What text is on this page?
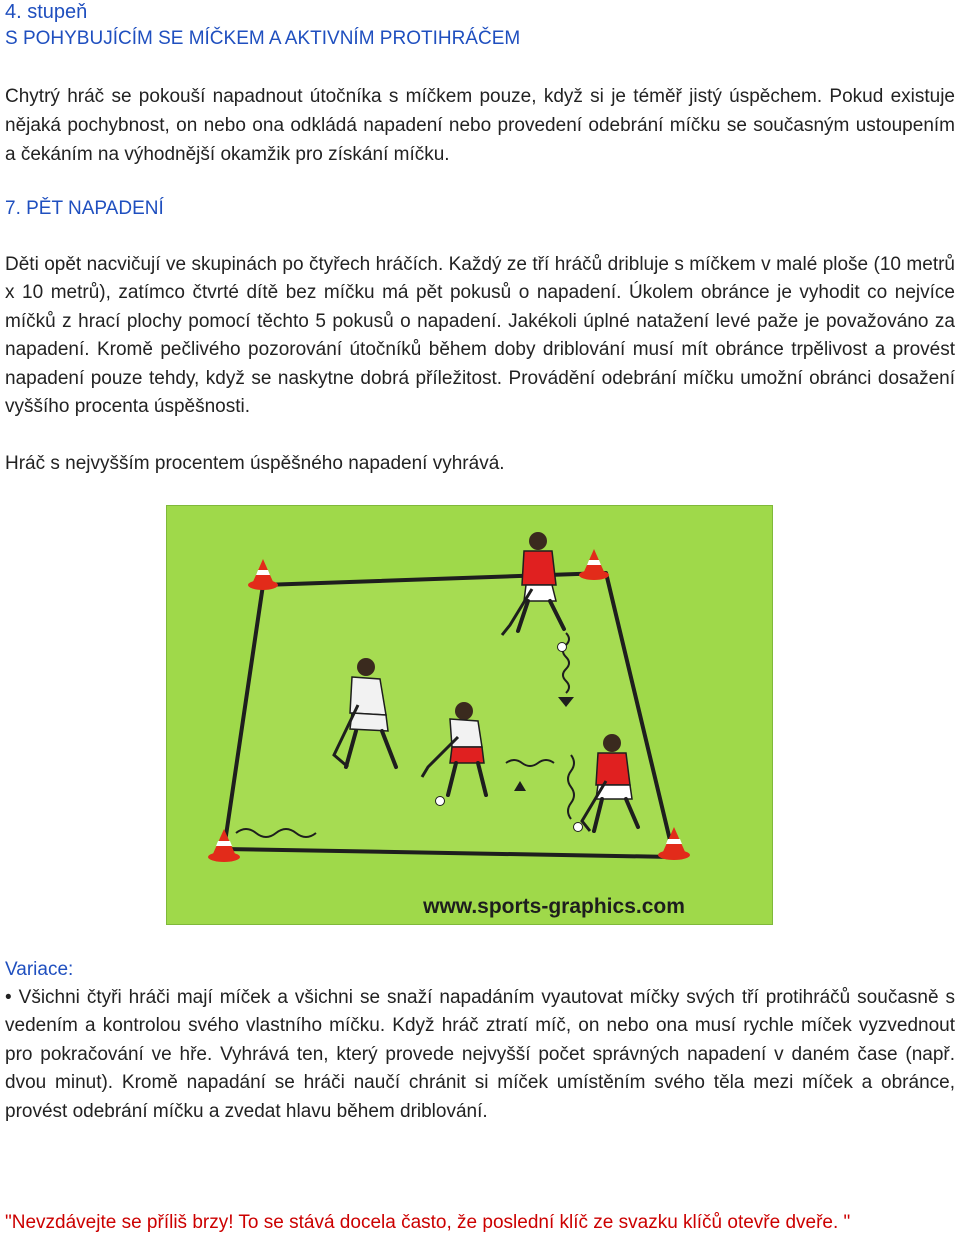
4. stupeň
S POHYBUJÍCÍM SE MÍČKEM A AKTIVNÍM PROTIHRÁČEM
Chytrý hráč se pokouší napadnout útočníka s míčkem pouze, když si je téměř jistý úspěchem. Pokud existuje nějaká pochybnost, on nebo ona odkládá napadení nebo provedení odebrání míčku se současným ustoupením a čekáním na výhodnější okamžik pro získání míčku.
7. PĚT NAPADENÍ
Děti opět nacvičují ve skupinách po čtyřech hráčích. Každý ze tří hráčů dribluje s míčkem v malé ploše (10 metrů x 10 metrů), zatímco čtvrté dítě bez míčku má pět pokusů o napadení. Úkolem obránce je vyhodit co nejvíce míčků z hrací plochy pomocí těchto 5 pokusů o napadení. Jakékoli úplné natažení levé paže je považováno za napadení. Kromě pečlivého pozorování útočníků během doby driblování musí mít obránce trpělivost a provést napadení pouze tehdy, když se naskytne dobrá příležitost. Provádění odebrání míčku umožní obránci dosažení vyššího procenta úspěšnosti.
Hráč s nejvyšším procentem úspěšného napadení vyhrává.
www.sports-graphics.com
Variace:
• Všichni čtyři hráči mají míček a všichni se snaží napadáním vyautovat míčky svých tří protihráčů současně s vedením a kontrolou svého vlastního míčku. Když hráč ztratí míč, on nebo ona musí rychle míček vyzvednout pro pokračování ve hře. Vyhrává ten, který provede nejvyšší počet správných napadení v daném čase (např. dvou minut). Kromě napadání se hráči naučí chránit si míček umístěním svého těla mezi míček a obránce, provést odebrání míčku a zvedat hlavu během driblování.
"Nevzdávejte se příliš brzy! To se stává docela často, že poslední klíč ze svazku klíčů otevře dveře. "
